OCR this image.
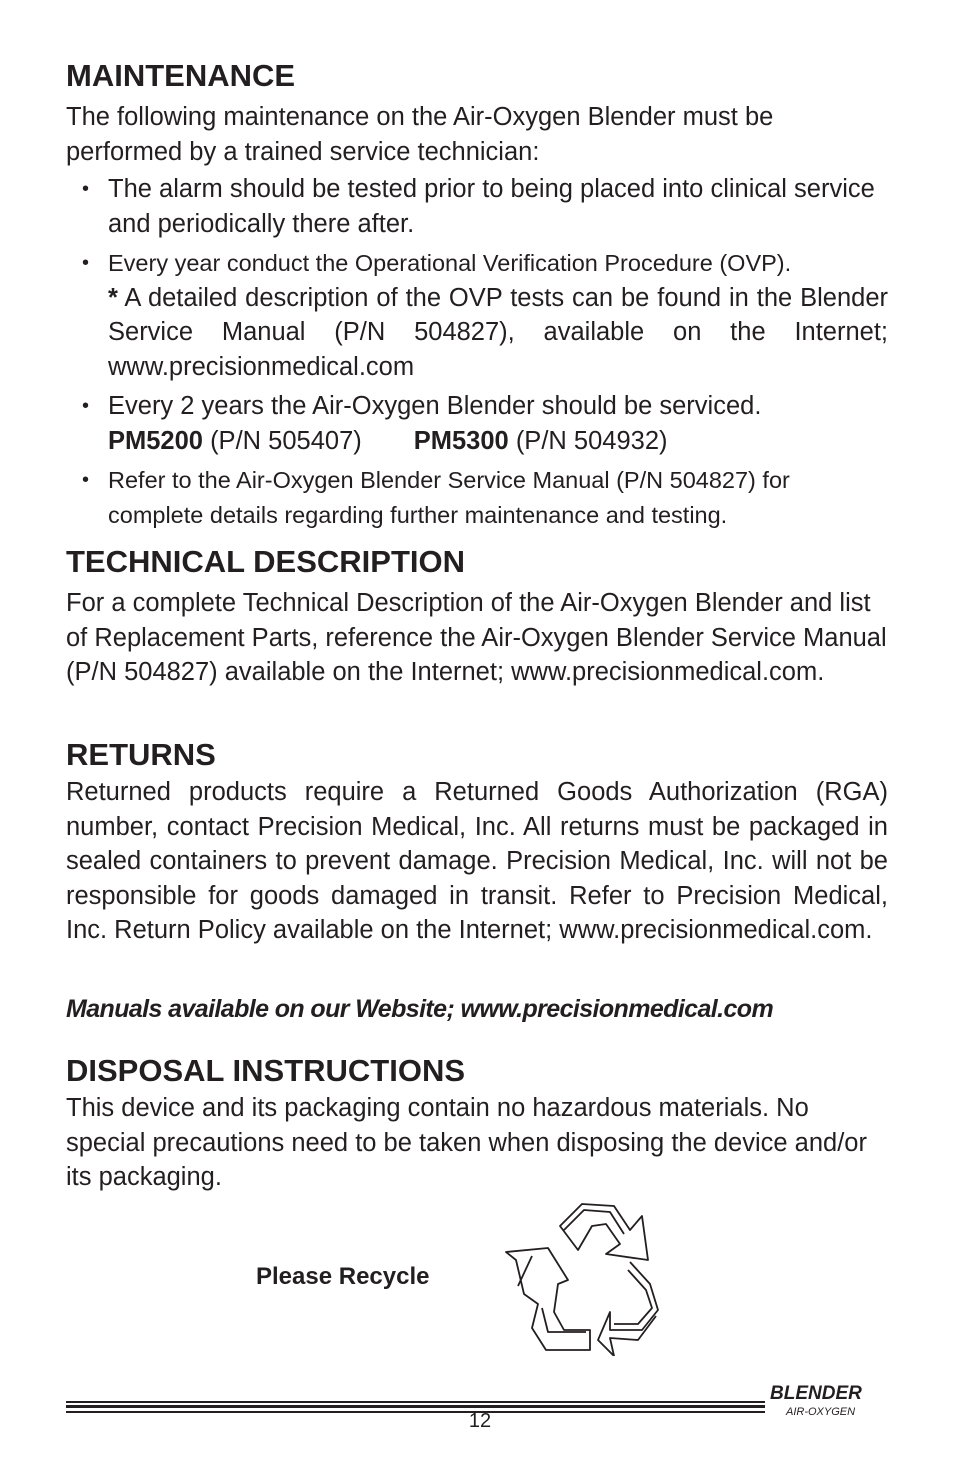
MAINTENANCE

The following maintenance on the Air-Oxygen Blender must be performed by a trained service technician:

• The alarm should be tested prior to being placed into clinical service and periodically there after.
• Every year conduct the Operational Verification Procedure (OVP).
* A detailed description of the OVP tests can be found in the Blender Service Manual (P/N 504827), available on the Internet; www.precisionmedical.com
• Every 2 years the Air-Oxygen Blender should be serviced.
PM5200 (P/N 505407) PM5300 (P/N 504932)
• Refer to the Air-Oxygen Blender Service Manual (P/N 504827) for complete details regarding further maintenance and testing.
TECHNICAL DESCRIPTION

For a complete Technical Description of the Air-Oxygen Blender and list of Replacement Parts, reference the Air-Oxygen Blender Service Manual (P/N 504827) available on the Internet; www.precisionmedical.com.

RETURNS

Returned products require a Returned Goods Authorization (RGA) number, contact Precision Medical, Inc. All returns must be packaged in sealed containers to prevent damage. Precision Medical, Inc. will not be responsible for goods damaged in transit. Refer to Precision Medical, Inc. Return Policy available on the Internet; www.precisionmedical.com.

Manuals available on our Website; www.precisionmedical.com

DISPOSAL INSTRUCTIONS

This device and its packaging contain no hazardous materials. No special precautions need to be taken when disposing the device and/or its packaging.

Please Recycle
12
BLENDER
AIR-OXYGEN
